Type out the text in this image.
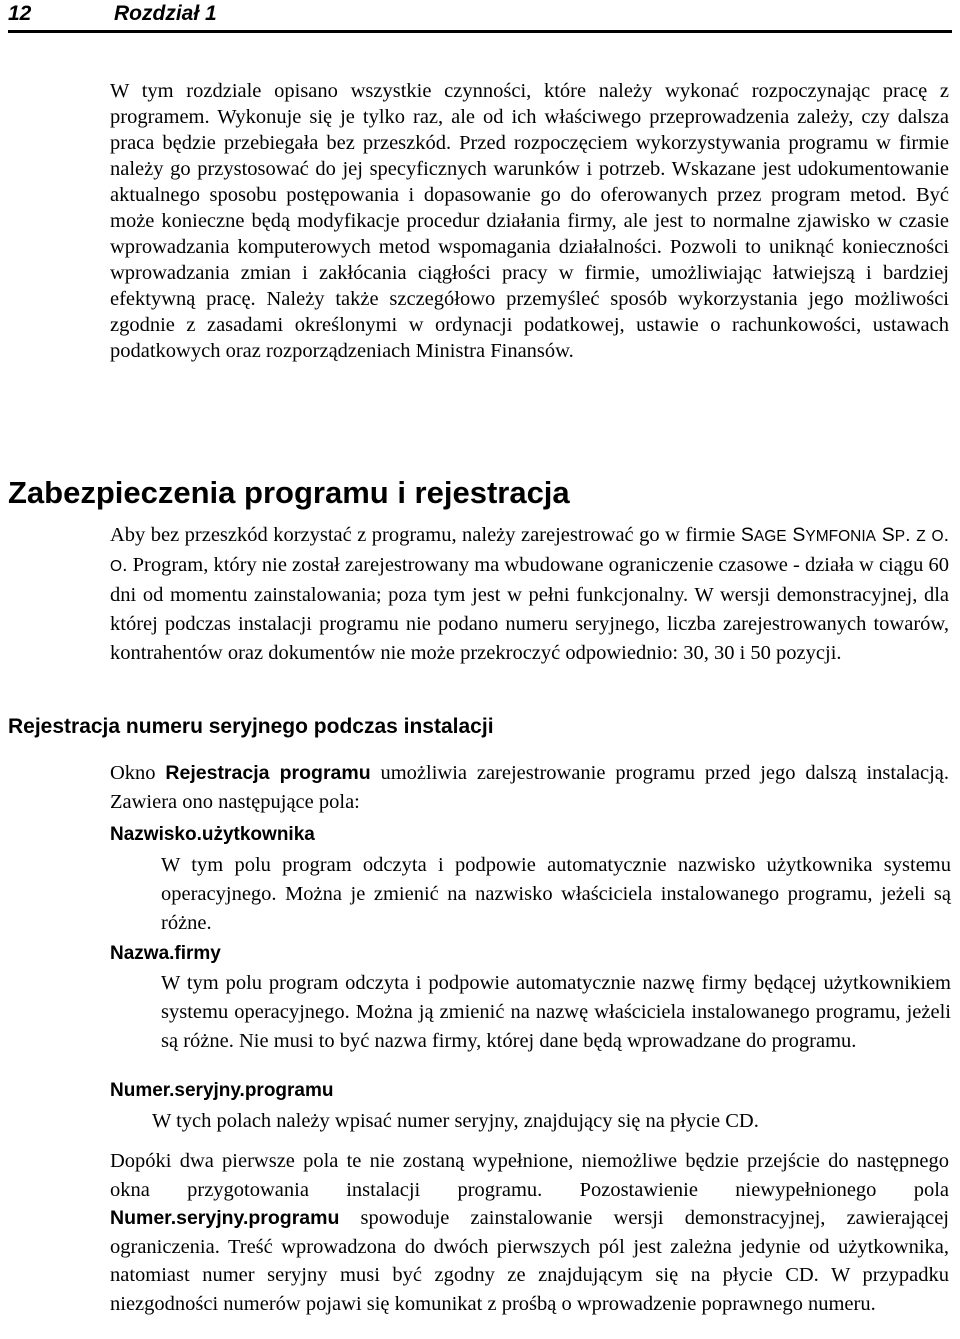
12	Rozdział 1

W tym rozdziale opisano wszystkie czynności, które należy wykonać rozpoczynając pracę z programem. Wykonuje się je tylko raz, ale od ich właściwego przeprowadzenia zależy, czy dalsza praca będzie przebiegała bez przeszkód. Przed rozpoczęciem wykorzystywania programu w firmie należy go przystosować do jej specyficznych warunków i potrzeb. Wskazane jest udokumentowanie aktualnego sposobu postępowania i dopasowanie go do oferowanych przez program metod. Być może konieczne będą modyfikacje procedur działania firmy, ale jest to normalne zjawisko w czasie wprowadzania komputerowych metod wspomagania działalności. Pozwoli to uniknąć konieczności wprowadzania zmian i zakłócania ciągłości pracy w firmie, umożliwiając łatwiejszą i bardziej efektywną pracę. Należy także szczegółowo przemyśleć sposób wykorzystania jego możliwości zgodnie z zasadami określonymi w ordynacji podatkowej, ustawie o rachunkowości, ustawach podatkowych oraz rozporządzeniach Ministra Finansów.

Zabezpieczenia programu i rejestracja

Aby bez przeszkód korzystać z programu, należy zarejestrować go w firmie SAGE SYMFONIA SP. Z O. O. Program, który nie został zarejestrowany ma wbudowane ograniczenie czasowe - działa w ciągu 60 dni od momentu zainstalowania; poza tym jest w pełni funkcjonalny. W wersji demonstracyjnej, dla której podczas instalacji programu nie podano numeru seryjnego, liczba zarejestrowanych towarów, kontrahentów oraz dokumentów nie może przekroczyć odpowiednio: 30, 30 i 50 pozycji.

Rejestracja numeru seryjnego podczas instalacji

Okno Rejestracja programu umożliwia zarejestrowanie programu przed jego dalszą instalacją. Zawiera ono następujące pola:

Nazwisko.użytkownika

W tym polu program odczyta i podpowie automatycznie nazwisko użytkownika systemu operacyjnego. Można je zmienić na nazwisko właściciela instalowanego programu, jeżeli są różne.

Nazwa.firmy

W tym polu program odczyta i podpowie automatycznie nazwę firmy będącej użytkownikiem systemu operacyjnego. Można ją zmienić na nazwę właściciela instalowanego programu, jeżeli są różne. Nie musi to być nazwa firmy, której dane będą wprowadzane do programu.

Numer.seryjny.programu

W tych polach należy wpisać numer seryjny, znajdujący się na płycie CD.

Dopóki dwa pierwsze pola te nie zostaną wypełnione, niemożliwe będzie przejście do następnego okna przygotowania instalacji programu. Pozostawienie niewypełnionego pola Numer.seryjny.programu spowoduje zainstalowanie wersji demonstracyjnej, zawierającej ograniczenia. Treść wprowadzona do dwóch pierwszych pól jest zależna jedynie od użytkownika, natomiast numer seryjny musi być zgodny ze znajdującym się na płycie CD. W przypadku niezgodności numerów pojawi się komunikat z prośbą o wprowadzenie poprawnego numeru.
